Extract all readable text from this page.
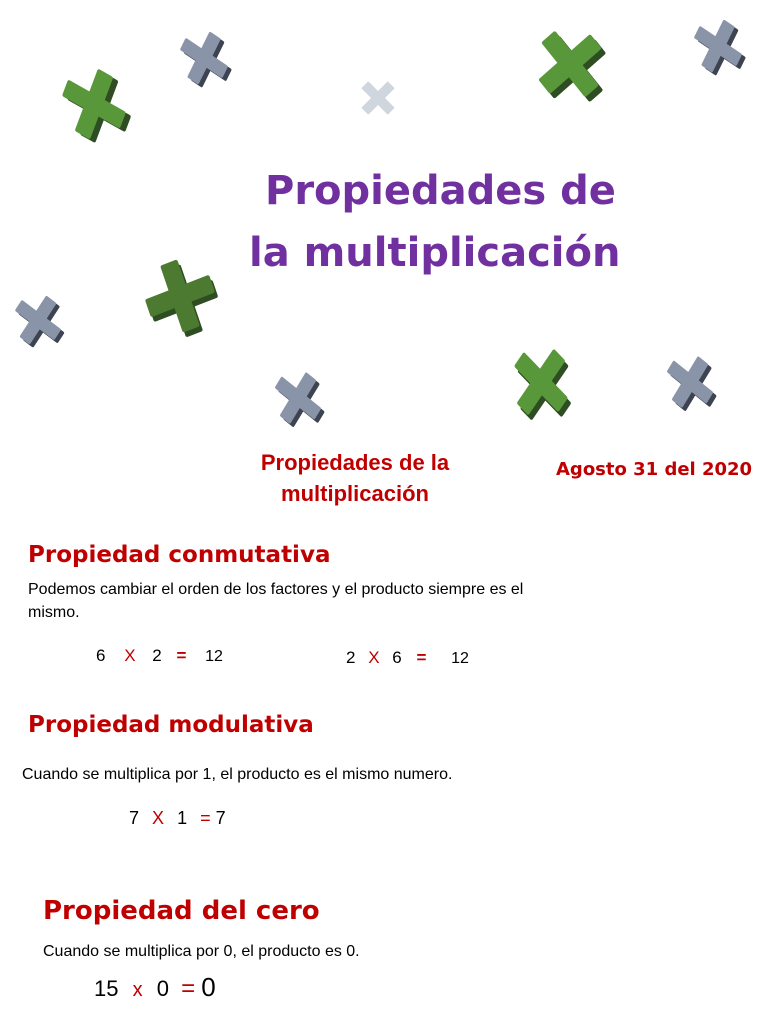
Propiedades de
la multiplicación
Propiedades de la
multiplicación
Agosto 31 del 2020
Propiedad conmutativa
Podemos cambiar el orden de los factores y el producto siempre es el
mismo.
6 X 2 = 12	2 X 6 = 12
Propiedad modulativa
Cuando se multiplica por 1, el producto es el mismo numero.
7 X 1 = 7
Propiedad del cero
Cuando se multiplica por 0, el producto es 0.
15 x 0 = 0
